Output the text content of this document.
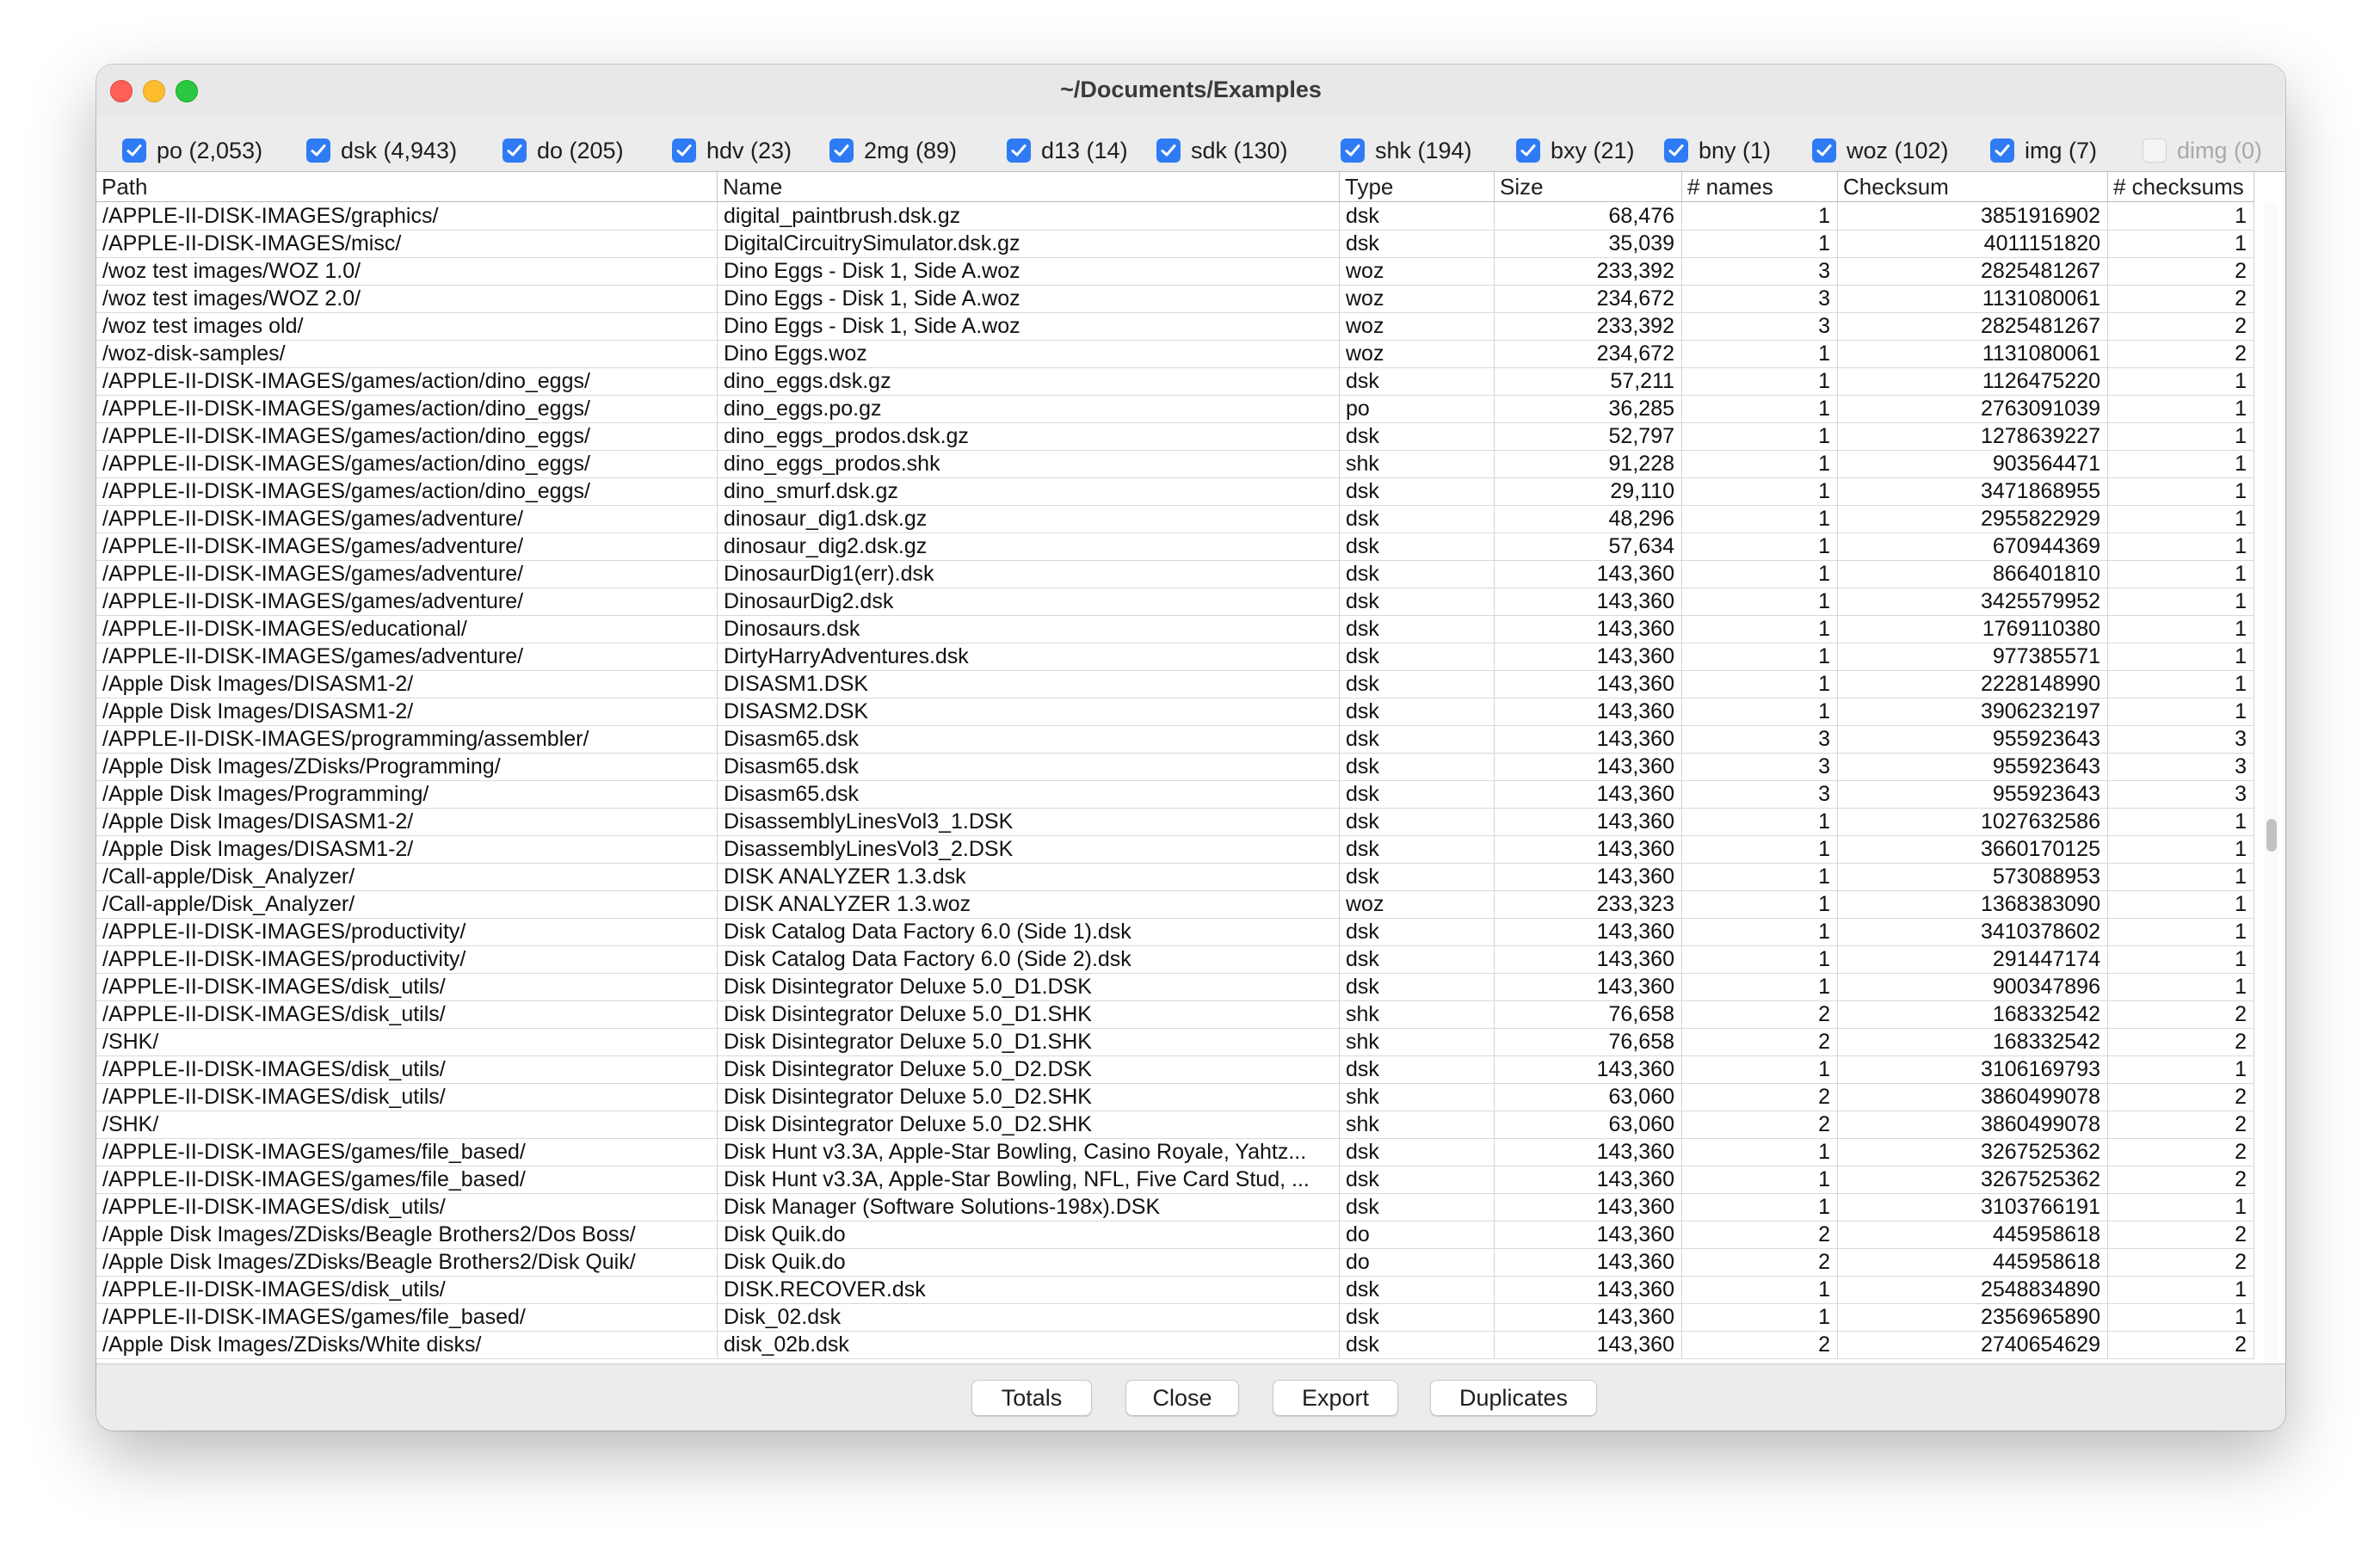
~/Documents/Examples
po (2,053)	dsk (4,943)	do (205)	hdv (23)	2mg (89)	d13 (14)	sdk (130)	shk (194)	bxy (21)	bny (1)	woz (102)	img (7)	dimg (0)
Path	Name	Type	Size	# names	Checksum	# checksums
/APPLE-II-DISK-IMAGES/graphics/	digital_paintbrush.dsk.gz	dsk	68,476	1	3851916902	1
/APPLE-II-DISK-IMAGES/misc/	DigitalCircuitrySimulator.dsk.gz	dsk	35,039	1	4011151820	1
/woz test images/WOZ 1.0/	Dino Eggs - Disk 1, Side A.woz	woz	233,392	3	2825481267	2
/woz test images/WOZ 2.0/	Dino Eggs - Disk 1, Side A.woz	woz	234,672	3	1131080061	2
/woz test images old/	Dino Eggs - Disk 1, Side A.woz	woz	233,392	3	2825481267	2
/woz-disk-samples/	Dino Eggs.woz	woz	234,672	1	1131080061	2
/APPLE-II-DISK-IMAGES/games/action/dino_eggs/	dino_eggs.dsk.gz	dsk	57,211	1	1126475220	1
/APPLE-II-DISK-IMAGES/games/action/dino_eggs/	dino_eggs.po.gz	po	36,285	1	2763091039	1
/APPLE-II-DISK-IMAGES/games/action/dino_eggs/	dino_eggs_prodos.dsk.gz	dsk	52,797	1	1278639227	1
/APPLE-II-DISK-IMAGES/games/action/dino_eggs/	dino_eggs_prodos.shk	shk	91,228	1	903564471	1
/APPLE-II-DISK-IMAGES/games/action/dino_eggs/	dino_smurf.dsk.gz	dsk	29,110	1	3471868955	1
/APPLE-II-DISK-IMAGES/games/adventure/	dinosaur_dig1.dsk.gz	dsk	48,296	1	2955822929	1
/APPLE-II-DISK-IMAGES/games/adventure/	dinosaur_dig2.dsk.gz	dsk	57,634	1	670944369	1
/APPLE-II-DISK-IMAGES/games/adventure/	DinosaurDig1(err).dsk	dsk	143,360	1	866401810	1
/APPLE-II-DISK-IMAGES/games/adventure/	DinosaurDig2.dsk	dsk	143,360	1	3425579952	1
/APPLE-II-DISK-IMAGES/educational/	Dinosaurs.dsk	dsk	143,360	1	1769110380	1
/APPLE-II-DISK-IMAGES/games/adventure/	DirtyHarryAdventures.dsk	dsk	143,360	1	977385571	1
/Apple Disk Images/DISASM1-2/	DISASM1.DSK	dsk	143,360	1	2228148990	1
/Apple Disk Images/DISASM1-2/	DISASM2.DSK	dsk	143,360	1	3906232197	1
/APPLE-II-DISK-IMAGES/programming/assembler/	Disasm65.dsk	dsk	143,360	3	955923643	3
/Apple Disk Images/ZDisks/Programming/	Disasm65.dsk	dsk	143,360	3	955923643	3
/Apple Disk Images/Programming/	Disasm65.dsk	dsk	143,360	3	955923643	3
/Apple Disk Images/DISASM1-2/	DisassemblyLinesVol3_1.DSK	dsk	143,360	1	1027632586	1
/Apple Disk Images/DISASM1-2/	DisassemblyLinesVol3_2.DSK	dsk	143,360	1	3660170125	1
/Call-apple/Disk_Analyzer/	DISK ANALYZER 1.3.dsk	dsk	143,360	1	573088953	1
/Call-apple/Disk_Analyzer/	DISK ANALYZER 1.3.woz	woz	233,323	1	1368383090	1
/APPLE-II-DISK-IMAGES/productivity/	Disk Catalog Data Factory 6.0 (Side 1).dsk	dsk	143,360	1	3410378602	1
/APPLE-II-DISK-IMAGES/productivity/	Disk Catalog Data Factory 6.0 (Side 2).dsk	dsk	143,360	1	291447174	1
/APPLE-II-DISK-IMAGES/disk_utils/	Disk Disintegrator Deluxe 5.0_D1.DSK	dsk	143,360	1	900347896	1
/APPLE-II-DISK-IMAGES/disk_utils/	Disk Disintegrator Deluxe 5.0_D1.SHK	shk	76,658	2	168332542	2
/SHK/	Disk Disintegrator Deluxe 5.0_D1.SHK	shk	76,658	2	168332542	2
/APPLE-II-DISK-IMAGES/disk_utils/	Disk Disintegrator Deluxe 5.0_D2.DSK	dsk	143,360	1	3106169793	1
/APPLE-II-DISK-IMAGES/disk_utils/	Disk Disintegrator Deluxe 5.0_D2.SHK	shk	63,060	2	3860499078	2
/SHK/	Disk Disintegrator Deluxe 5.0_D2.SHK	shk	63,060	2	3860499078	2
/APPLE-II-DISK-IMAGES/games/file_based/	Disk Hunt v3.3A, Apple-Star Bowling, Casino Royale, Yahtz...	dsk	143,360	1	3267525362	2
/APPLE-II-DISK-IMAGES/games/file_based/	Disk Hunt v3.3A, Apple-Star Bowling, NFL, Five Card Stud, ...	dsk	143,360	1	3267525362	2
/APPLE-II-DISK-IMAGES/disk_utils/	Disk Manager (Software Solutions-198x).DSK	dsk	143,360	1	3103766191	1
/Apple Disk Images/ZDisks/Beagle Brothers2/Dos Boss/	Disk Quik.do	do	143,360	2	445958618	2
/Apple Disk Images/ZDisks/Beagle Brothers2/Disk Quik/	Disk Quik.do	do	143,360	2	445958618	2
/APPLE-II-DISK-IMAGES/disk_utils/	DISK.RECOVER.dsk	dsk	143,360	1	2548834890	1
/APPLE-II-DISK-IMAGES/games/file_based/	Disk_02.dsk	dsk	143,360	1	2356965890	1
/Apple Disk Images/ZDisks/White disks/	disk_02b.dsk	dsk	143,360	2	2740654629	2
Totals	Close	Export	Duplicates
